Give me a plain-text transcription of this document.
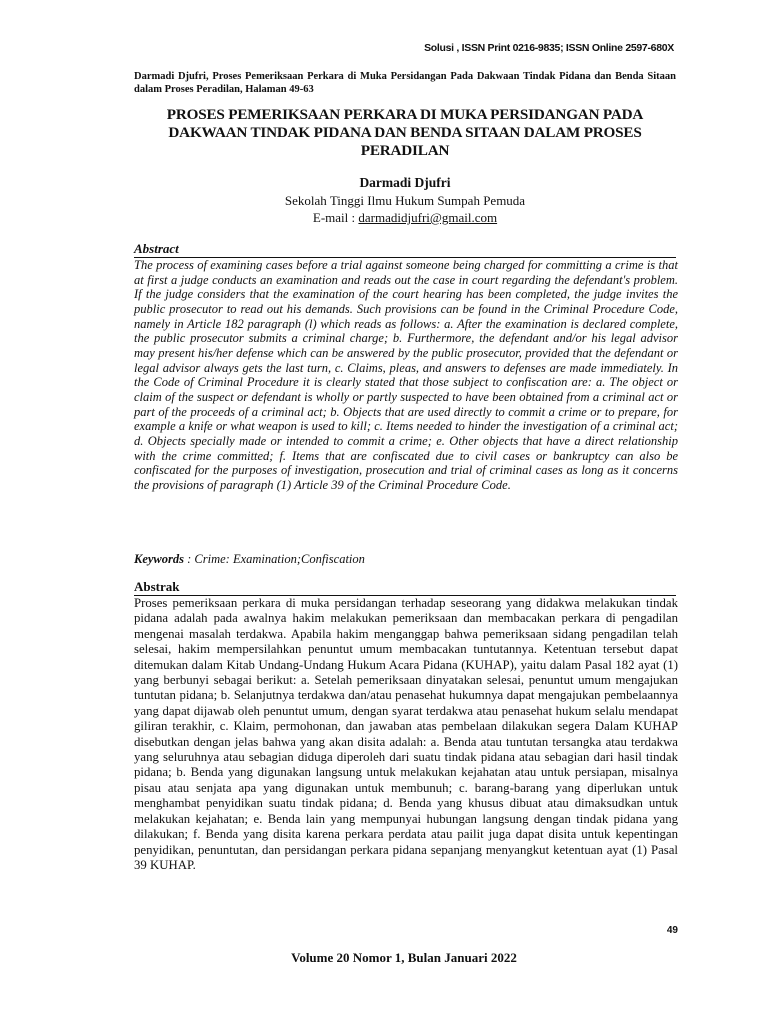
Solusi , ISSN Print 0216-9835; ISSN Online 2597-680X
Darmadi Djufri, Proses Pemeriksaan Perkara di Muka Persidangan Pada Dakwaan Tindak Pidana dan Benda Sitaan dalam Proses Peradilan, Halaman 49-63
PROSES PEMERIKSAAN PERKARA DI MUKA PERSIDANGAN PADA DAKWAAN TINDAK PIDANA DAN BENDA SITAAN DALAM PROSES PERADILAN
Darmadi Djufri
Sekolah Tinggi Ilmu Hukum Sumpah Pemuda
E-mail : darmadidjufri@gmail.com
Abstract
The process of examining cases before a trial against someone being charged for committing a crime is that at first a judge conducts an examination and reads out the case in court regarding the defendant's problem. If the judge considers that the examination of the court hearing has been completed, the judge invites the public prosecutor to read out his demands. Such provisions can be found in the Criminal Procedure Code, namely in Article 182 paragraph (l) which reads as follows: a. After the examination is declared complete, the public prosecutor submits a criminal charge; b. Furthermore, the defendant and/or his legal advisor may present his/her defense which can be answered by the public prosecutor, provided that the defendant or legal advisor always gets the last turn, c. Claims, pleas, and answers to defenses are made immediately. In the Code of Criminal Procedure it is clearly stated that those subject to confiscation are: a. The object or claim of the suspect or defendant is wholly or partly suspected to have been obtained from a criminal act or part of the proceeds of a criminal act; b. Objects that are used directly to commit a crime or to prepare, for example a knife or what weapon is used to kill; c. Items needed to hinder the investigation of a criminal act; d. Objects specially made or intended to commit a crime; e. Other objects that have a direct relationship with the crime committed; f. Items that are confiscated due to civil cases or bankruptcy can also be confiscated for the purposes of investigation, prosecution and trial of criminal cases as long as it concerns the provisions of paragraph (1) Article 39 of the Criminal Procedure Code.
Keywords : Crime: Examination;Confiscation
Abstrak
Proses pemeriksaan perkara di muka persidangan terhadap seseorang yang didakwa melakukan tindak pidana adalah pada awalnya hakim melakukan pemeriksaan dan membacakan perkara di pengadilan mengenai masalah terdakwa. Apabila hakim menganggap bahwa pemeriksaan sidang pengadilan telah selesai, hakim mempersilahkan penuntut umum membacakan tuntutannya. Ketentuan tersebut dapat ditemukan dalam Kitab Undang-Undang Hukum Acara Pidana (KUHAP), yaitu dalam Pasal 182 ayat (1) yang berbunyi sebagai berikut: a. Setelah pemeriksaan dinyatakan selesai, penuntut umum mengajukan tuntutan pidana; b. Selanjutnya terdakwa dan/atau penasehat hukumnya dapat mengajukan pembelaannya yang dapat dijawab oleh penuntut umum, dengan syarat terdakwa atau penasehat hukum selalu mendapat giliran terakhir, c. Klaim, permohonan, dan jawaban atas pembelaan dilakukan segera Dalam KUHAP disebutkan dengan jelas bahwa yang akan disita adalah: a. Benda atau tuntutan tersangka atau terdakwa yang seluruhnya atau sebagian diduga diperoleh dari suatu tindak pidana atau sebagian dari hasil tindak pidana; b. Benda yang digunakan langsung untuk melakukan kejahatan atau untuk persiapan, misalnya pisau atau senjata apa yang digunakan untuk membunuh; c. barang-barang yang diperlukan untuk menghambat penyidikan suatu tindak pidana; d. Benda yang khusus dibuat atau dimaksudkan untuk melakukan kejahatan; e. Benda lain yang mempunyai hubungan langsung dengan tindak pidana yang dilakukan; f. Benda yang disita karena perkara perdata atau pailit juga dapat disita untuk kepentingan penyidikan, penuntutan, dan persidangan perkara pidana sepanjang menyangkut ketentuan ayat (1) Pasal 39 KUHAP.
49
Volume 20 Nomor 1, Bulan Januari 2022
